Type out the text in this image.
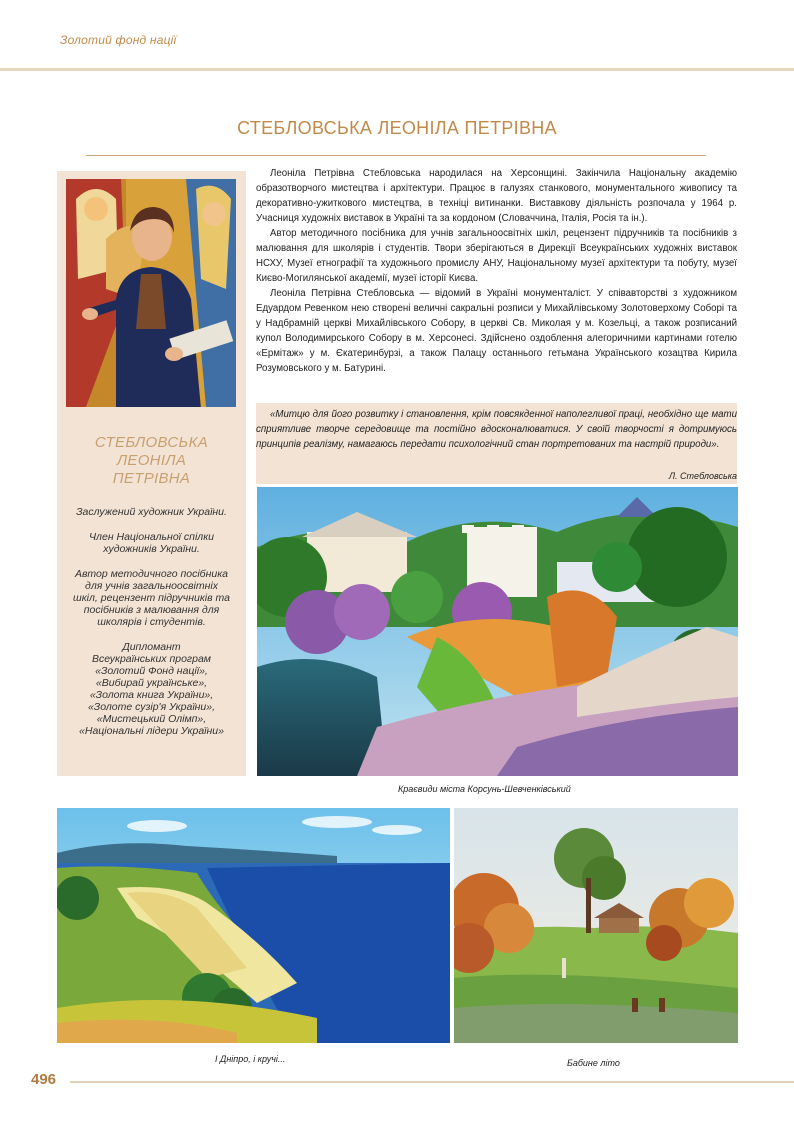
Золотий фонд нації
СТЕБЛОВСЬКА ЛЕОНІЛА ПЕТРІВНА
СТЕБЛОВСЬКА
ЛЕОНІЛА
ПЕТРІВНА

Заслужений художник України.

Член Національної спілки
художників України.

Автор методичного посібника
для учнів загальноосвітніх
шкіл, рецензент підручників та
посібників з малювання для
школярів і студентів.

Дипломант
Всеукраїнських програм
«Золотий Фонд нації»,
«Вибирай українське»,
«Золота книга України»,
«Золоте сузір'я України»,
«Мистецький Олімп»,
«Національні лідери України»

Леоніла Петрівна Стебловська народилася на Херсонщині. Закінчила Національну академію образотворчого мистецтва і архітектури. Працює в галузях станкового, монументального живопису та декоративно-ужиткового мистецтва, в техніці витинанки. Виставкову діяльність розпочала у 1964 р. Учасниця художніх виставок в Україні та за кордоном (Словаччина, Італія, Росія та ін.).

Автор методичного посібника для учнів загальноосвітніх шкіл, рецензент підручників та посібників з малювання для школярів і студентів. Твори зберігаються в Дирекції Всеукраїнських художніх виставок НСХУ, Музеї етнографії та художнього промислу АНУ, Національному музеї архітектури та побуту, музеї Києво-Могилянської академії, музеї історії Києва.

Леоніла Петрівна Стебловська — відомий в Україні монументаліст. У співавторстві з художником Едуардом Ревенком нею створені величні сакральні розписи у Михайлівському Золотоверхому Соборі та у Надбрамній церкві Михайлівського Собору, в церкві Св. Миколая у м. Козельці, а також розписаний купол Володимирського Собору в м. Херсонесі. Здійснено оздоблення алегоричними картинами готелю «Ермітаж» у м. Єкатеринбурзі, а також Палацу останнього гетьмана Українського козацтва Кирила Розумовського у м. Батурині.

«Митцю для його розвитку і становлення, крім повсякденної наполегливої праці, необхідно ще мати сприятливе творче середовище та постійно вдосконалюватися. У своїй творчості я дотримуюсь принципів реалізму, намагаюсь передати психологічний стан портретованих та настрій природи».

Л. Стебловська
Краєвиди міста Корсунь-Шевченківський
І Дніпро, і кручі...	Бабине літо
496
